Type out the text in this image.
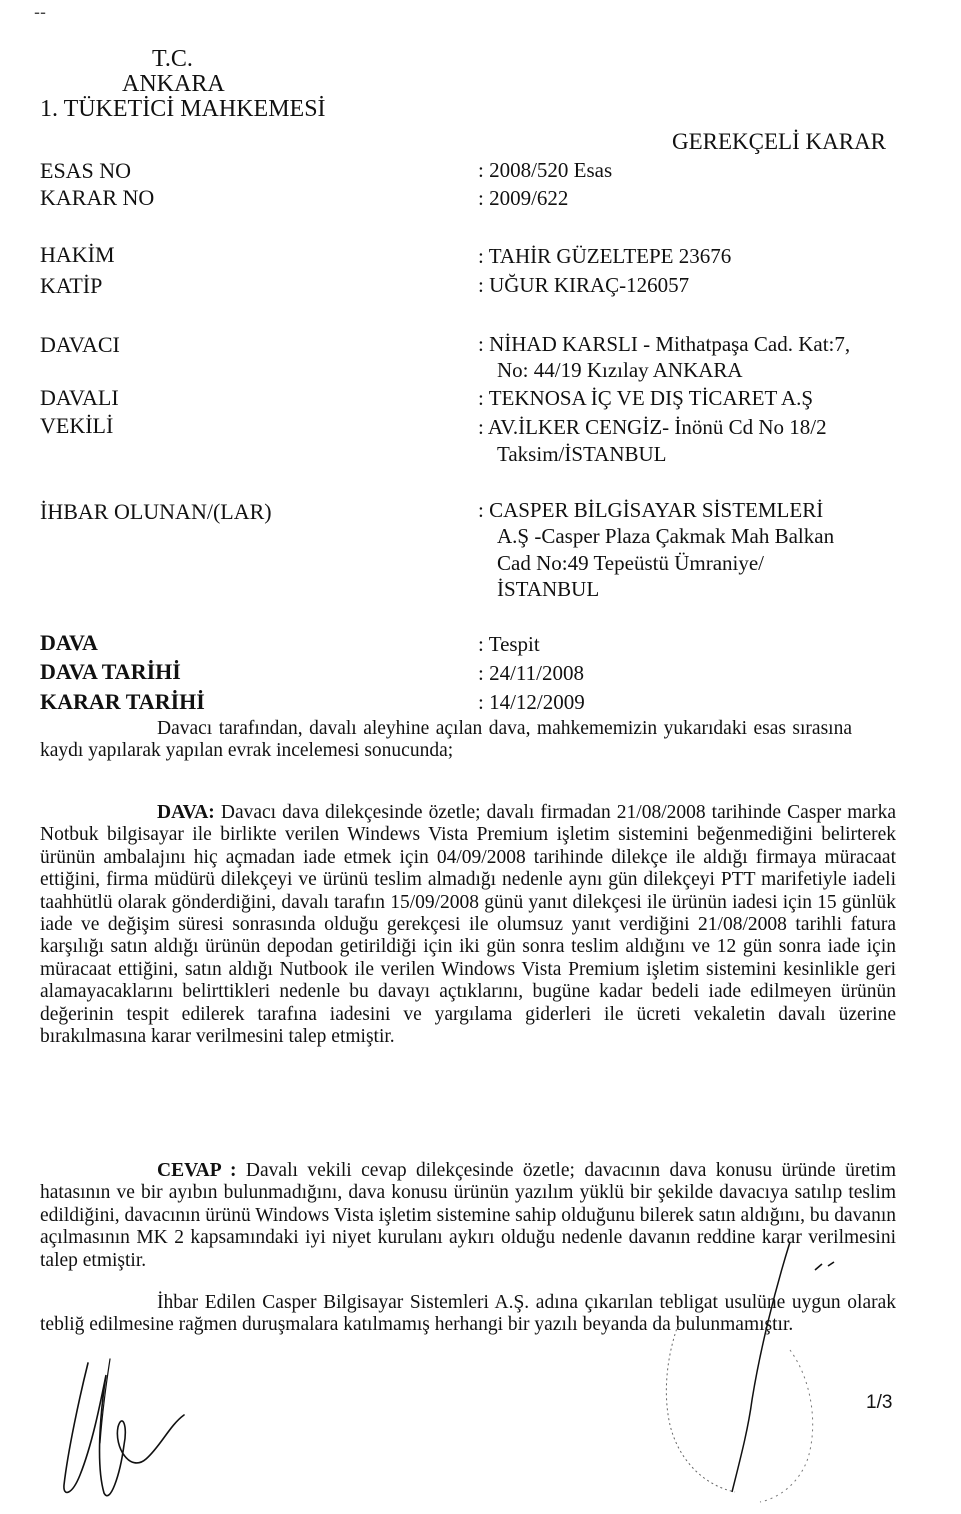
--
T.C.
ANKARA
1. TÜKETİCİ MAHKEMESİ
GEREKÇELİ KARAR
ESAS NO
KARAR NO
HAKİM
KATİP
DAVACI
DAVALI
VEKİLİ
İHBAR OLUNAN/(LAR)
DAVA
DAVA TARİHİ
KARAR TARİHİ
: 2008/520 Esas
: 2009/622
: TAHİR GÜZELTEPE 23676
: UĞUR KIRAÇ-126057
: NİHAD KARSLI - Mithatpaşa Cad. Kat:7,
No: 44/19 Kızılay ANKARA
: TEKNOSA İÇ VE DIŞ TİCARET A.Ş
: AV.İLKER CENGİZ- İnönü Cd No 18/2
Taksim/İSTANBUL
: CASPER BİLGİSAYAR SİSTEMLERİ
A.Ş -Casper Plaza Çakmak Mah Balkan
Cad No:49 Tepeüstü Ümraniye/
İSTANBUL
: Tespit
: 24/11/2008
: 14/12/2009
Davacı tarafından, davalı aleyhine açılan dava, mahkememizin yukarıdaki esas sırasına kaydı yapılarak yapılan evrak incelemesi sonucunda;
DAVA: Davacı dava dilekçesinde özetle; davalı firmadan 21/08/2008 tarihinde Casper marka Notbuk bilgisayar ile birlikte verilen Windews Vista Premium işletim sistemini beğenmediğini belirterek ürünün ambalajını hiç açmadan iade etmek için 04/09/2008 tarihinde dilekçe ile aldığı firmaya müracaat ettiğini, firma müdürü dilekçeyi ve ürünü teslim almadığı nedenle aynı gün dilekçeyi PTT marifetiyle iadeli taahhütlü olarak gönderdiğini, davalı tarafın 15/09/2008 günü yanıt dilekçesi ile ürünün iadesi için 15 günlük iade ve değişim süresi sonrasında olduğu gerekçesi ile olumsuz yanıt verdiğini 21/08/2008 tarihli fatura karşılığı satın aldığı ürünün depodan getirildiği için iki gün sonra teslim aldığını ve 12 gün sonra iade için müracaat ettiğini, satın aldığı Nutbook ile verilen Windows Vista Premium işletim sistemini kesinlikle geri alamayacaklarını belirttikleri nedenle bu davayı açtıklarını, bugüne kadar bedeli iade edilmeyen ürünün değerinin tespit edilerek tarafına iadesini ve yargılama giderleri ile ücreti vekaletin davalı üzerine bırakılmasına karar verilmesini talep etmiştir.
CEVAP : Davalı vekili cevap dilekçesinde özetle; davacının dava konusu üründe üretim hatasının ve bir ayıbın bulunmadığını, dava konusu ürünün yazılım yüklü bir şekilde davacıya satılıp teslim edildiğini, davacının ürünü Windows Vista işletim sistemine sahip olduğunu bilerek satın aldığını, bu davanın açılmasının MK 2 kapsamındaki iyi niyet kurulanı aykırı olduğu nedenle davanın reddine karar verilmesini talep etmiştir.
İhbar Edilen Casper Bilgisayar Sistemleri A.Ş. adına çıkarılan tebligat usulüne uygun olarak tebliğ edilmesine rağmen duruşmalara katılmamış herhangi bir yazılı beyanda da bulunmamıştır.
1/3
